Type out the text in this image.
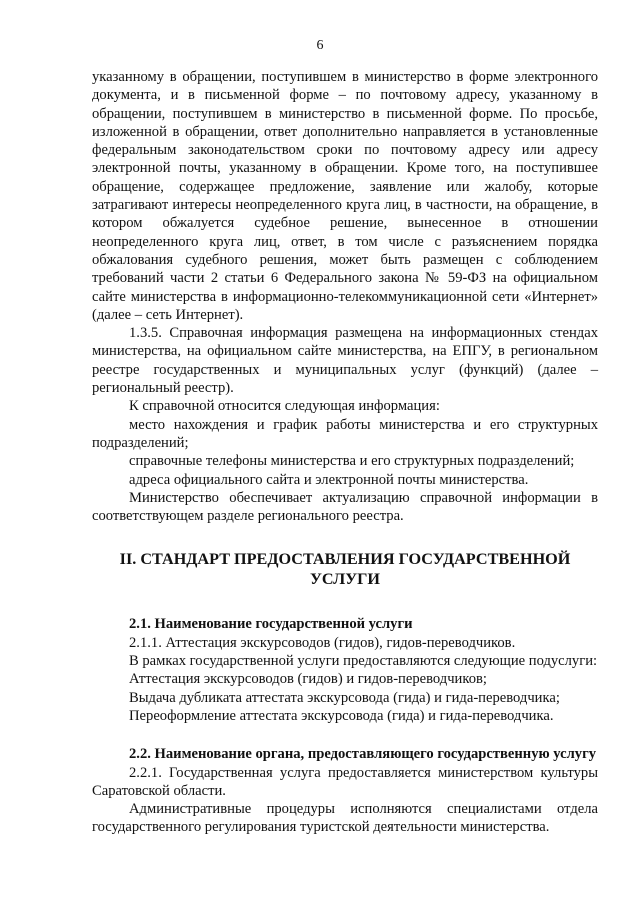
6

указанному в обращении, поступившем в министерство в форме электронного документа, и в письменной форме – по почтовому адресу, указанному в обращении, поступившем в министерство в письменной форме. По просьбе, изложенной в обращении, ответ дополнительно направляется в установленные федеральным законодательством сроки по почтовому адресу или адресу электронной почты, указанному в обращении. Кроме того, на поступившее обращение, содержащее предложение, заявление или жалобу, которые затрагивают интересы неопределенного круга лиц, в частности, на обращение, в котором обжалуется судебное решение, вынесенное в отношении неопределенного круга лиц, ответ, в том числе с разъяснением порядка обжалования судебного решения, может быть размещен с соблюдением требований части 2 статьи 6 Федерального закона № 59-ФЗ на официальном сайте министерства в информационно-телекоммуникационной сети «Интернет» (далее – сеть Интернет).

1.3.5. Справочная информация размещена на информационных стендах министерства, на официальном сайте министерства, на ЕПГУ, в региональном реестре государственных и муниципальных услуг (функций) (далее – региональный реестр).

К справочной относится следующая информация:

место нахождения и график работы министерства и его структурных подразделений;

справочные телефоны министерства и его структурных подразделений;

адреса официального сайта и электронной почты министерства.

Министерство обеспечивает актуализацию справочной информации в соответствующем разделе регионального реестра.

II. СТАНДАРТ ПРЕДОСТАВЛЕНИЯ ГОСУДАРСТВЕННОЙ УСЛУГИ

2.1. Наименование государственной услуги

2.1.1. Аттестация экскурсоводов (гидов), гидов-переводчиков.

В рамках государственной услуги предоставляются следующие подуслуги:

Аттестация экскурсоводов (гидов) и гидов-переводчиков;

Выдача дубликата аттестата экскурсовода (гида) и гида-переводчика;

Переоформление аттестата экскурсовода (гида) и гида-переводчика.

2.2. Наименование органа, предоставляющего государственную услугу

2.2.1. Государственная услуга предоставляется министерством культуры Саратовской области.

Административные процедуры исполняются специалистами отдела государственного регулирования туристской деятельности министерства.
